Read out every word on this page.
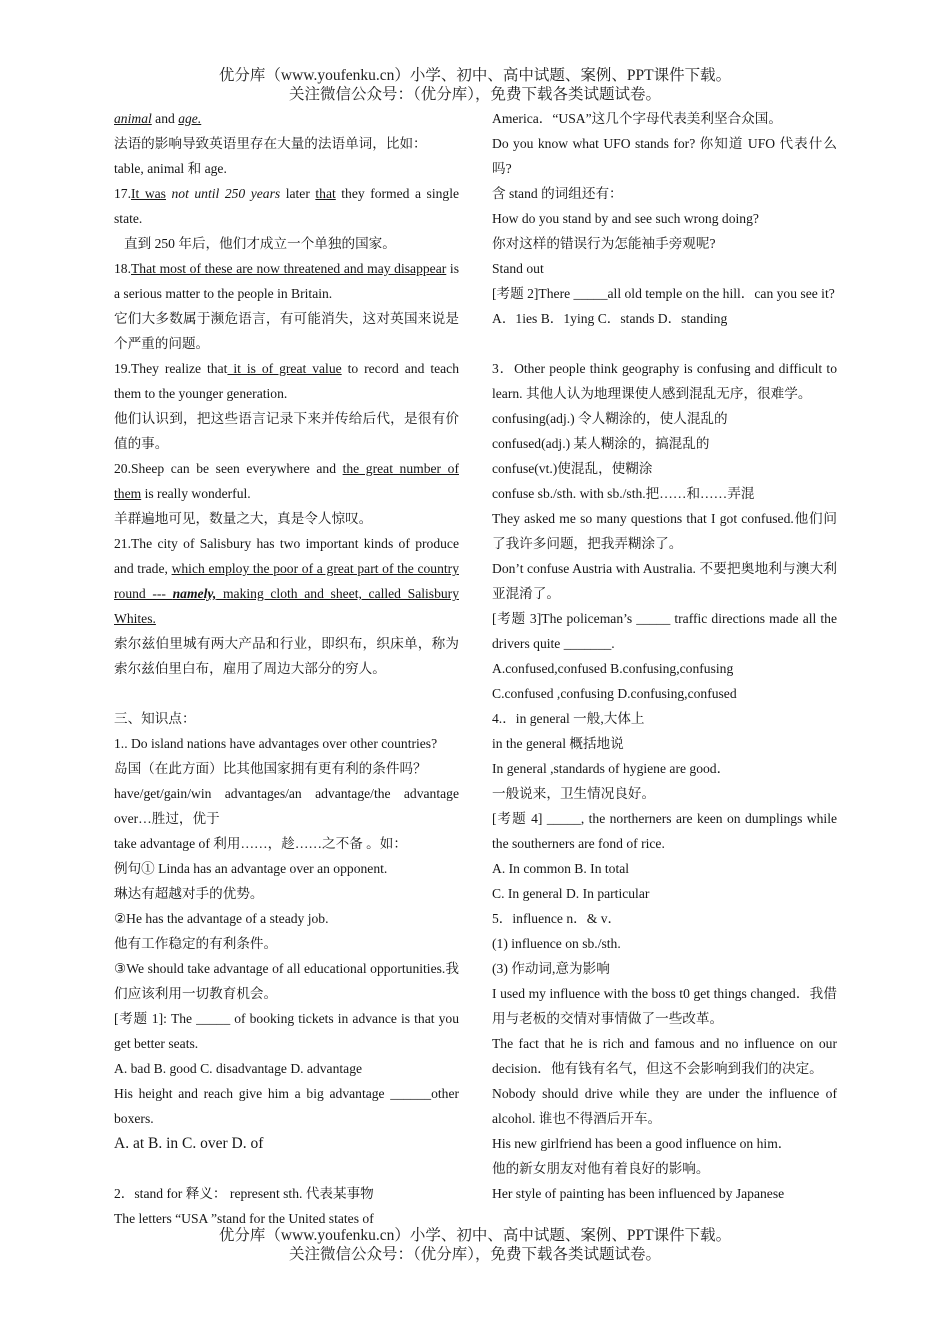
优分库（www.youfenku.cn）小学、初中、高中试题、案例、PPT课件下载。
关注微信公众号：（优分库），免费下载各类试题试卷。

animal and age.

法语的影响导致英语里存在大量的法语单词，比如：

table, animal 和 age.

17.It was not until 250 years later that they formed a single state.

直到 250 年后，他们才成立一个单独的国家。

18.That most of these are now threatened and may disappear is a serious matter to the people in Britain.

它们大多数属于濒危语言，有可能消失，这对英国来说是个严重的问题。

19.They realize that it is of great value to record and teach them to the younger generation.

他们认识到，把这些语言记录下来并传给后代，是很有价值的事。

20.Sheep can be seen everywhere and the great number of them is really wonderful.

羊群遍地可见，数量之大，真是令人惊叹。

21.The city of Salisbury has two important kinds of produce and trade, which employ the poor of a great part of the country round --- namely, making cloth and sheet, called Salisbury Whites.

索尔兹伯里城有两大产品和行业，即织布，织床单，称为索尔兹伯里白布，雇用了周边大部分的穷人。

三、知识点：

1.. Do island nations have advantages over other countries?

岛国（在此方面）比其他国家拥有更有利的条件吗？

have/get/gain/win advantages/an advantage/the advantage over…胜过，优于

take advantage of 利用……，趁……之不备 。如：

例句① Linda has an advantage over an opponent.

琳达有超越对手的优势。

②He has the advantage of a steady job.

他有工作稳定的有利条件。

③We should take advantage of all educational opportunities.我们应该利用一切教育机会。

[考题 1]: The _____ of booking tickets in advance is that you get better seats.

A. bad B. good C. disadvantage D. advantage

His height and reach give him a big advantage ______other boxers.

A. at B. in C. over D. of

2．stand for 释义： represent sth. 代表某事物

The letters “USA ”stand for the United states of

America．“USA”这几个字母代表美利坚合众国。

Do you know what UFO stands for? 你知道 UFO 代表什么吗?

含 stand 的词组还有：

How do you stand by and see such wrong doing?

你对这样的错误行为怎能袖手旁观呢?

Stand out

[考题 2]There _____all old temple on the hill．can you see it?

A．1ies B．1ying C．stands D．standing

3．Other people think geography is confusing and difficult to learn. 其他人认为地理课使人感到混乱无序，很难学。

confusing(adj.) 令人糊涂的，使人混乱的

confused(adj.) 某人糊涂的，搞混乱的

confuse(vt.)使混乱，使糊涂

confuse sb./sth. with sb./sth.把……和……弄混

They asked me so many questions that I got confused.他们问了我许多问题，把我弄糊涂了。

Don’t confuse Austria with Australia. 不要把奥地利与澳大利亚混淆了。

[考题 3]The policeman’s _____ traffic directions made all the drivers quite _______.

A.confused,confused B.confusing,confusing

C.confused ,confusing D.confusing,confused

4.．in general 一般,大体上

in the general 概括地说

In general ,standards of hygiene are good．

一般说来，卫生情况良好。

[考题 4] _____, the northerners are keen on dumplings while the southerners are fond of rice.

A. In common B. In total

C. In general D. In particular

5．influence n．& v．

(1) influence on sb./sth.

(3) 作动词,意为影响

I used my influence with the boss t0 get things changed．我借用与老板的交情对事情做了一些改革。

The fact that he is rich and famous and no influence on our decision．他有钱有名气，但这不会影响到我们的决定。

Nobody should drive while they are under the influence of alcohol. 谁也不得酒后开车。

His new girlfriend has been a good influence on him．

他的新女朋友对他有着良好的影响。

Her style of painting has been influenced by Japanese

优分库（www.youfenku.cn）小学、初中、高中试题、案例、PPT课件下载。
关注微信公众号：（优分库），免费下载各类试题试卷。
